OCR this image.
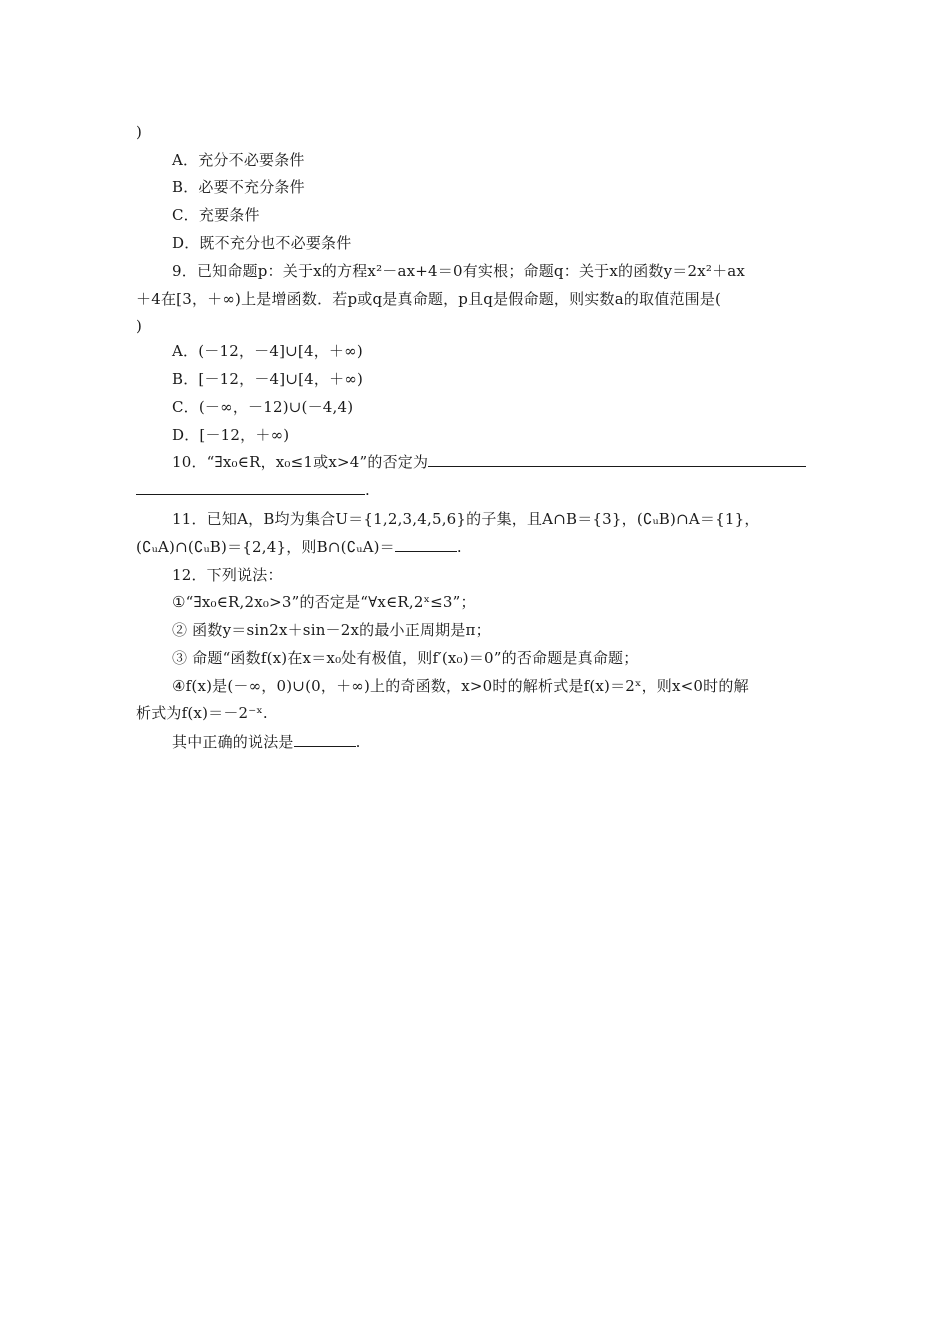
)
A．充分不必要条件
B．必要不充分条件
C．充要条件
D．既不充分也不必要条件
9．已知命题p：关于x的方程x²－ax+4＝0有实根；命题q：关于x的函数y＝2x²＋ax
＋4在[3，＋∞)上是增函数．若p或q是真命题，p且q是假命题，则实数a的取值范围是(
)
A．(－12，－4]∪[4，＋∞)
B．[－12，－4]∪[4，＋∞)
C．(－∞，－12)∪(－4,4)
D．[－12，＋∞)
10．“∃x₀∈R，x₀≤1或x>4”的否定为
.
11．已知A，B均为集合U＝{1,2,3,4,5,6}的子集，且A∩B＝{3}，(∁ᵤB)∩A＝{1}，
(∁ᵤA)∩(∁ᵤB)＝{2,4}，则B∩(∁ᵤA)＝	.
12．下列说法：
①“∃x₀∈R,2x₀>3”的否定是“∀x∈R,2ˣ≤3”；
② 函数y＝sin2x＋sin－2x的最小正周期是π；
③ 命题“函数f(x)在x＝x₀处有极值，则f′(x₀)＝0”的否命题是真命题；
④f(x)是(－∞，0)∪(0，＋∞)上的奇函数，x>0时的解析式是f(x)＝2ˣ，则x<0时的解
析式为f(x)＝－2⁻ˣ.
其中正确的说法是	.
